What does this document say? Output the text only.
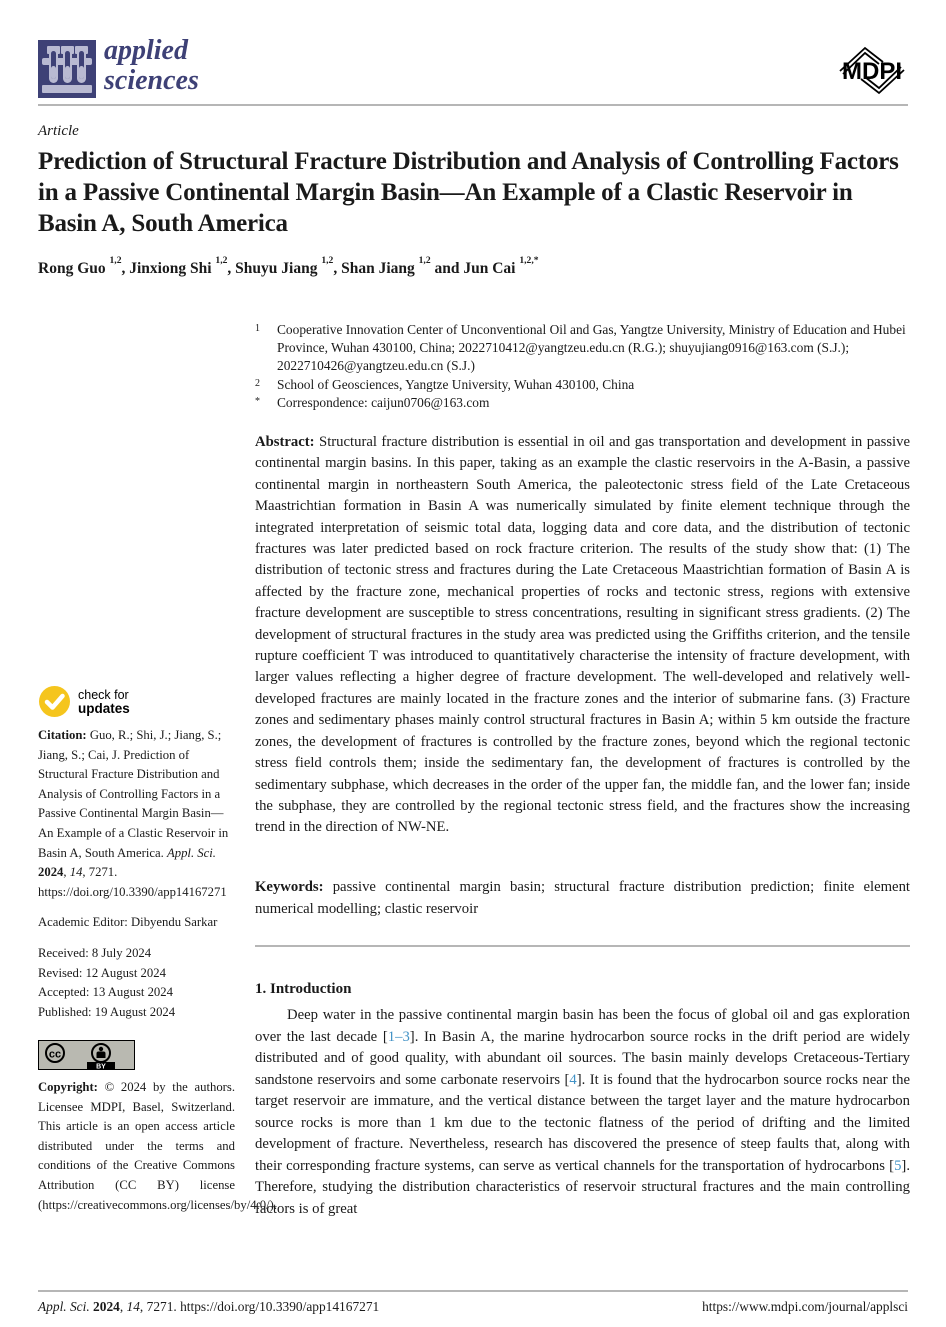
applied
sciences	MDPI
Article
Prediction of Structural Fracture Distribution and Analysis of Controlling Factors in a Passive Continental Margin Basin—An Example of a Clastic Reservoir in Basin A, South America
Rong Guo $^{1,2}$, Jinxiong Shi $^{1,2}$, Shuyu Jiang $^{1,2}$, Shan Jiang $^{1,2}$ and Jun Cai $^{1,2,*}$
1	Cooperative Innovation Center of Unconventional Oil and Gas, Yangtze University, Ministry of Education and Hubei Province, Wuhan 430100, China; 2022710412@yangtzeu.edu.cn (R.G.); shuyujiang0916@163.com (S.J.); 2022710426@yangtzeu.edu.cn (S.J.)
2	School of Geosciences, Yangtze University, Wuhan 430100, China
*	Correspondence: caijun0706@163.com
Abstract: Structural fracture distribution is essential in oil and gas transportation and development in passive continental margin basins. In this paper, taking as an example the clastic reservoirs in the A-Basin, a passive continental margin in northeastern South America, the paleotectonic stress field of the Late Cretaceous Maastrichtian formation in Basin A was numerically simulated by finite element technique through the integrated interpretation of seismic total data, logging data and core data, and the distribution of tectonic fractures was later predicted based on rock fracture criterion. The results of the study show that: (1) The distribution of tectonic stress and fractures during the Late Cretaceous Maastrichtian formation of Basin A is affected by the fracture zone, mechanical properties of rocks and tectonic stress, regions with extensive fracture development are susceptible to stress concentrations, resulting in significant stress gradients. (2) The development of structural fractures in the study area was predicted using the Griffiths criterion, and the tensile rupture coefficient T was introduced to quantitatively characterise the intensity of fracture development, with larger values reflecting a higher degree of fracture development. The well-developed and relatively well-developed fractures are mainly located in the fracture zones and the interior of submarine fans. (3) Fracture zones and sedimentary phases mainly control structural fractures in Basin A; within 5 km outside the fracture zones, the development of fractures is controlled by the fracture zones, beyond which the regional tectonic stress field controls them; inside the sedimentary fan, the development of fractures is controlled by the sedimentary subphase, which decreases in the order of the upper fan, the middle fan, and the lower fan; inside the subphase, they are controlled by the regional tectonic stress field, and the fractures show the increasing trend in the direction of NW-NE.
Keywords: passive continental margin basin; structural fracture distribution prediction; finite element numerical modelling; clastic reservoir
1. Introduction
Deep water in the passive continental margin basin has been the focus of global oil and gas exploration over the last decade [1–3]. In Basin A, the marine hydrocarbon source rocks in the drift period are widely distributed and of good quality, with abundant oil sources. The basin mainly develops Cretaceous-Tertiary sandstone reservoirs and some carbonate reservoirs [4]. It is found that the hydrocarbon source rocks near the target reservoir are immature, and the vertical distance between the target layer and the mature hydrocarbon source rocks is more than 1 km due to the tectonic flatness of the period of drifting and the limited development of fracture. Nevertheless, research has discovered the presence of steep faults that, along with their corresponding fracture systems, can serve as vertical channels for the transportation of hydrocarbons [5]. Therefore, studying the distribution characteristics of reservoir structural fractures and the main controlling factors is of great
check for
updates
Citation: Guo, R.; Shi, J.; Jiang, S.; Jiang, S.; Cai, J. Prediction of Structural Fracture Distribution and Analysis of Controlling Factors in a Passive Continental Margin Basin—An Example of a Clastic Reservoir in Basin A, South America. Appl. Sci. 2024, 14, 7271. https://doi.org/10.3390/app14167271
Academic Editor: Dibyendu Sarkar
Received: 8 July 2024
Revised: 12 August 2024
Accepted: 13 August 2024
Published: 19 August 2024
cc
BY
Copyright: © 2024 by the authors. Licensee MDPI, Basel, Switzerland. This article is an open access article distributed under the terms and conditions of the Creative Commons Attribution (CC BY) license (https://creativecommons.org/licenses/by/4.0/).
Appl. Sci. 2024, 14, 7271. https://doi.org/10.3390/app14167271	https://www.mdpi.com/journal/applsci
